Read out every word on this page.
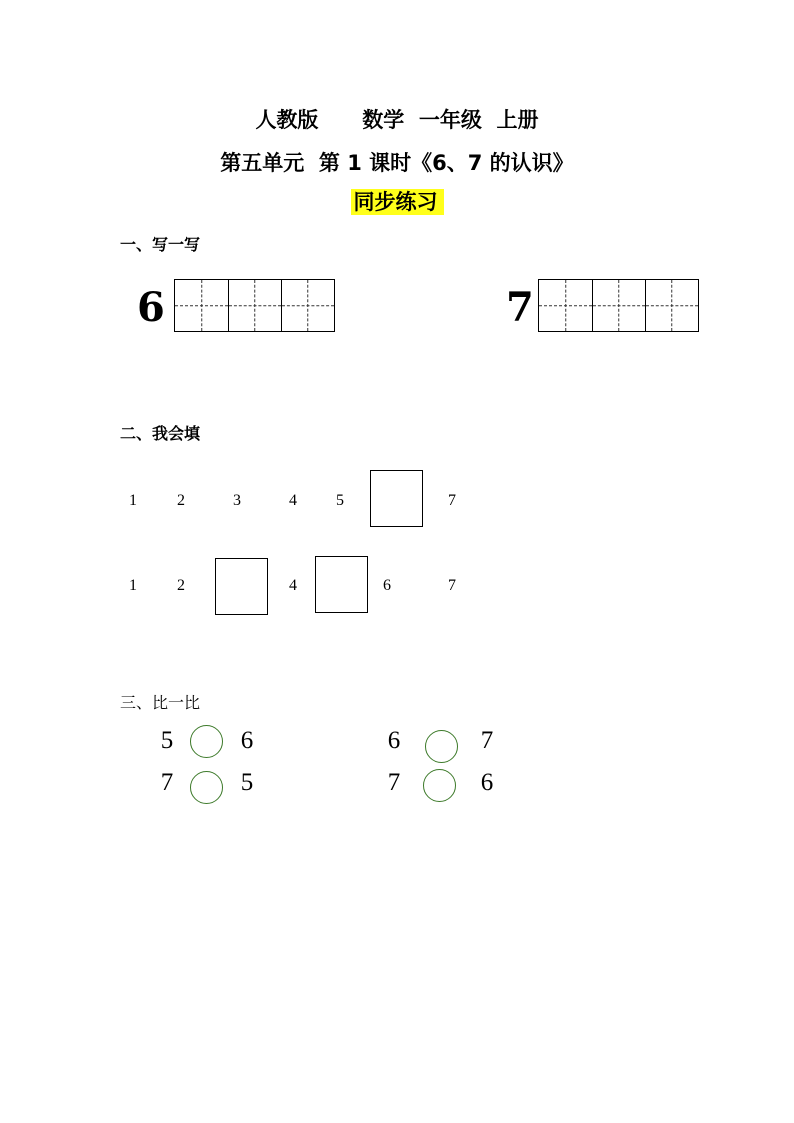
人教版      数学  一年级  上册
第五单元  第 1 课时《6、7 的认识》
同步练习
一、写一写
6	7
二、我会填
1	2	3	4	5	7
1	2	4	6	7
三、比一比
5	6	6	7
7	5	7	6
